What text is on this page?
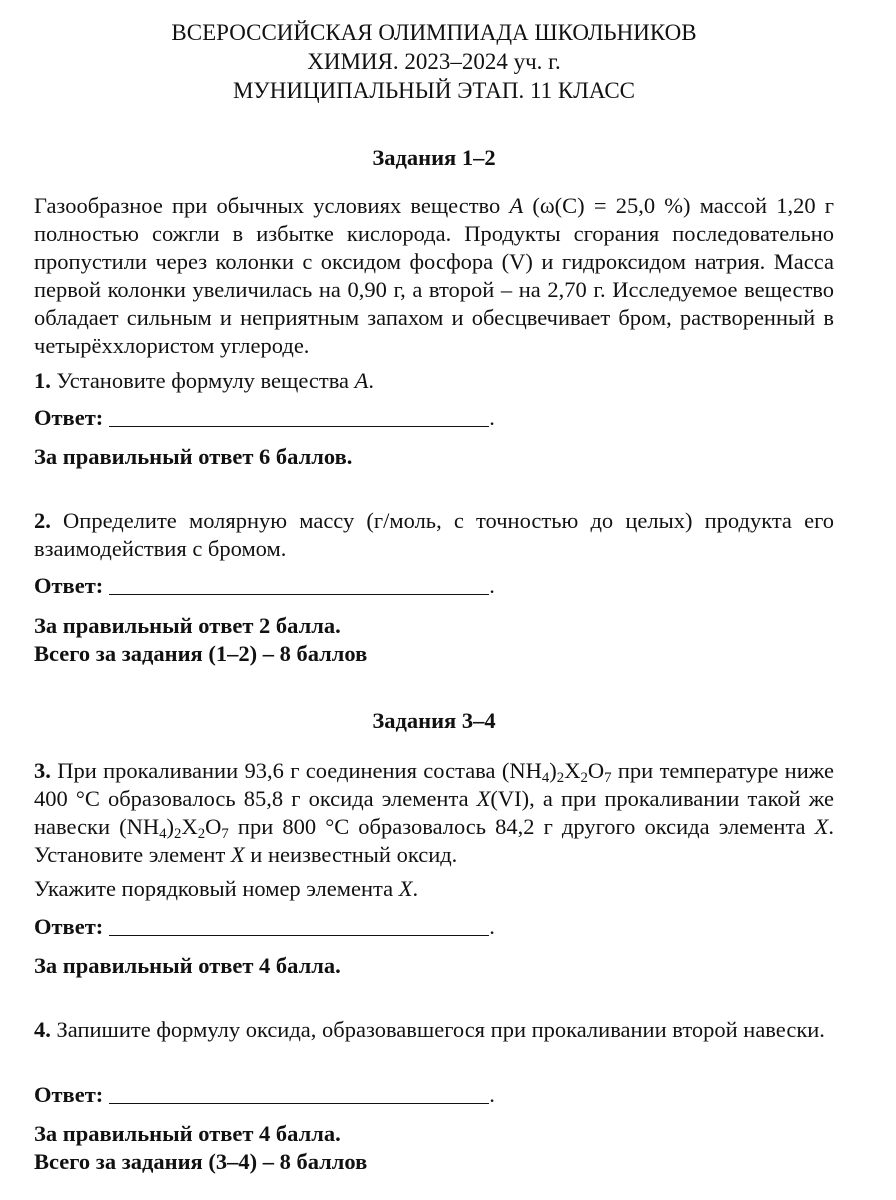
ВСЕРОССИЙСКАЯ ОЛИМПИАДА ШКОЛЬНИКОВ
ХИМИЯ. 2023–2024 уч. г.
МУНИЦИПАЛЬНЫЙ ЭТАП. 11 КЛАСС
Задания 1–2
Газообразное при обычных условиях вещество A (ω(C) = 25,0 %) массой 1,20 г полностью сожгли в избытке кислорода. Продукты сгорания последовательно пропустили через колонки с оксидом фосфора (V) и гидроксидом натрия. Масса первой колонки увеличилась на 0,90 г, а второй – на 2,70 г. Исследуемое вещество обладает сильным и неприятным запахом и обесцвечивает бром, растворенный в четырёххлористом углероде.
1. Установите формулу вещества A.
Ответ:	.
За правильный ответ 6 баллов.
2. Определите молярную массу (г/моль, с точностью до целых) продукта его взаимодействия с бромом.
Ответ:	.
За правильный ответ 2 балла.
Всего за задания (1–2) – 8 баллов
Задания 3–4
3. При прокаливании 93,6 г соединения состава $(NH_4)_2X_2O_7$ при температуре ниже 400 °C образовалось 85,8 г оксида элемента X(VI), а при прокаливании такой же навески $(NH_4)_2X_2O_7$ при 800 °C образовалось 84,2 г другого оксида элемента X. Установите элемент X и неизвестный оксид.
Укажите порядковый номер элемента X.
Ответ:	.
За правильный ответ 4 балла.
4. Запишите формулу оксида, образовавшегося при прокаливании второй навески.
Ответ:	.
За правильный ответ 4 балла.
Всего за задания (3–4) – 8 баллов
